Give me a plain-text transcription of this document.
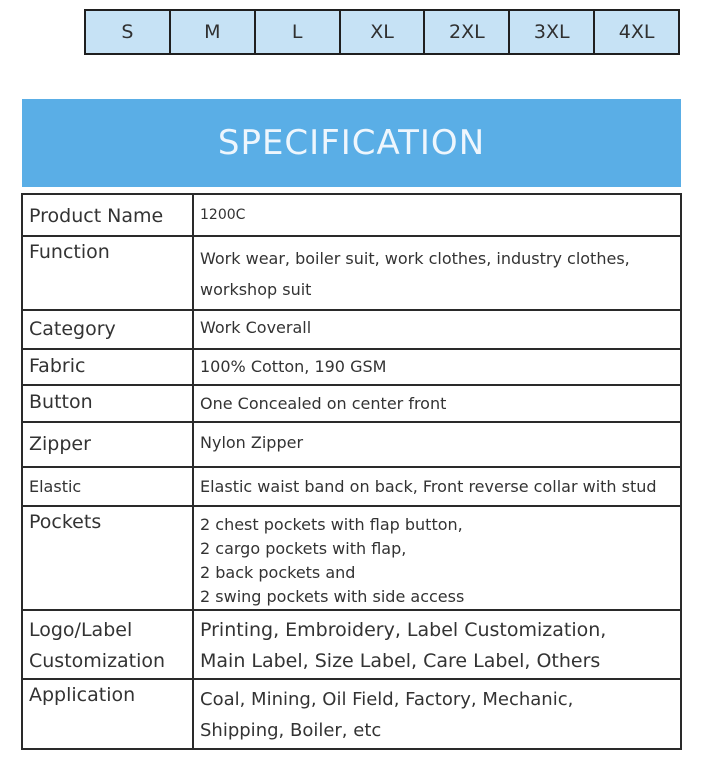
S	M	L	XL	2XL	3XL	4XL
SPECIFICATION
Product Name	1200C
Function	Work wear, boiler suit, work clothes, industry clothes,
workshop suit

Category	Work Coverall
Fabric	100% Cotton, 190 GSM
Button	One Concealed on center front
Zipper	Nylon Zipper
Elastic	Elastic waist band on back, Front reverse collar with stud
Pockets	2 chest pockets with flap button,
2 cargo pockets with flap,
2 back pockets and
2 swing pockets with side access

Logo/Label
Customization	Printing, Embroidery, Label Customization,
Main Label, Size Label, Care Label, Others

Application	Coal, Mining, Oil Field, Factory, Mechanic,
Shipping, Boiler, etc
